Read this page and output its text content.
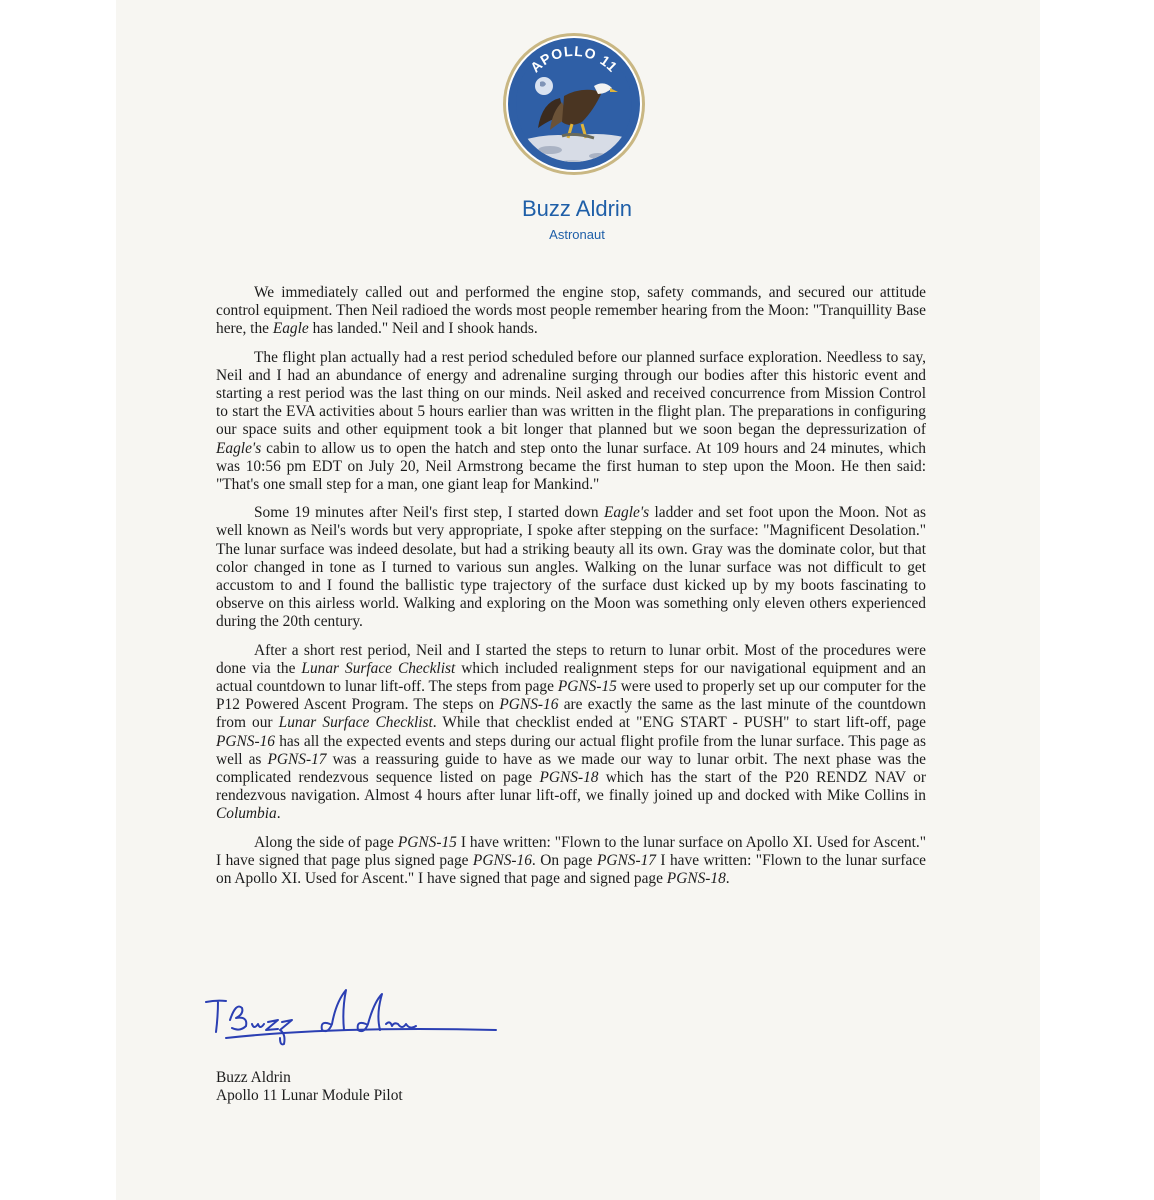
APOLLO 11
Buzz Aldrin
Astronaut

We immediately called out and performed the engine stop, safety commands, and secured our attitude control equipment. Then Neil radioed the words most people remember hearing from the Moon: "Tranquillity Base here, the Eagle has landed." Neil and I shook hands.

The flight plan actually had a rest period scheduled before our planned surface exploration. Needless to say, Neil and I had an abundance of energy and adrenaline surging through our bodies after this historic event and starting a rest period was the last thing on our minds. Neil asked and received concurrence from Mission Control to start the EVA activities about 5 hours earlier than was written in the flight plan. The preparations in configuring our space suits and other equipment took a bit longer that planned but we soon began the depressurization of Eagle's cabin to allow us to open the hatch and step onto the lunar surface. At 109 hours and 24 minutes, which was 10:56 pm EDT on July 20, Neil Armstrong became the first human to step upon the Moon. He then said: "That's one small step for a man, one giant leap for Mankind."

Some 19 minutes after Neil's first step, I started down Eagle's ladder and set foot upon the Moon. Not as well known as Neil's words but very appropriate, I spoke after stepping on the surface: "Magnificent Desolation." The lunar surface was indeed desolate, but had a striking beauty all its own. Gray was the dominate color, but that color changed in tone as I turned to various sun angles. Walking on the lunar surface was not difficult to get accustom to and I found the ballistic type trajectory of the surface dust kicked up by my boots fascinating to observe on this airless world. Walking and exploring on the Moon was something only eleven others experienced during the 20th century.

After a short rest period, Neil and I started the steps to return to lunar orbit. Most of the procedures were done via the Lunar Surface Checklist which included realignment steps for our navigational equipment and an actual countdown to lunar lift-off. The steps from page PGNS-15 were used to properly set up our computer for the P12 Powered Ascent Program. The steps on PGNS-16 are exactly the same as the last minute of the countdown from our Lunar Surface Checklist. While that checklist ended at "ENG START - PUSH" to start lift-off, page PGNS-16 has all the expected events and steps during our actual flight profile from the lunar surface. This page as well as PGNS-17 was a reassuring guide to have as we made our way to lunar orbit. The next phase was the complicated rendezvous sequence listed on page PGNS-18 which has the start of the P20 RENDZ NAV or rendezvous navigation. Almost 4 hours after lunar lift-off, we finally joined up and docked with Mike Collins in Columbia.

Along the side of page PGNS-15 I have written: "Flown to the lunar surface on Apollo XI. Used for Ascent." I have signed that page plus signed page PGNS-16. On page PGNS-17 I have written: "Flown to the lunar surface on Apollo XI. Used for Ascent." I have signed that page and signed page PGNS-18.

Buzz Aldrin
Apollo 11 Lunar Module Pilot
